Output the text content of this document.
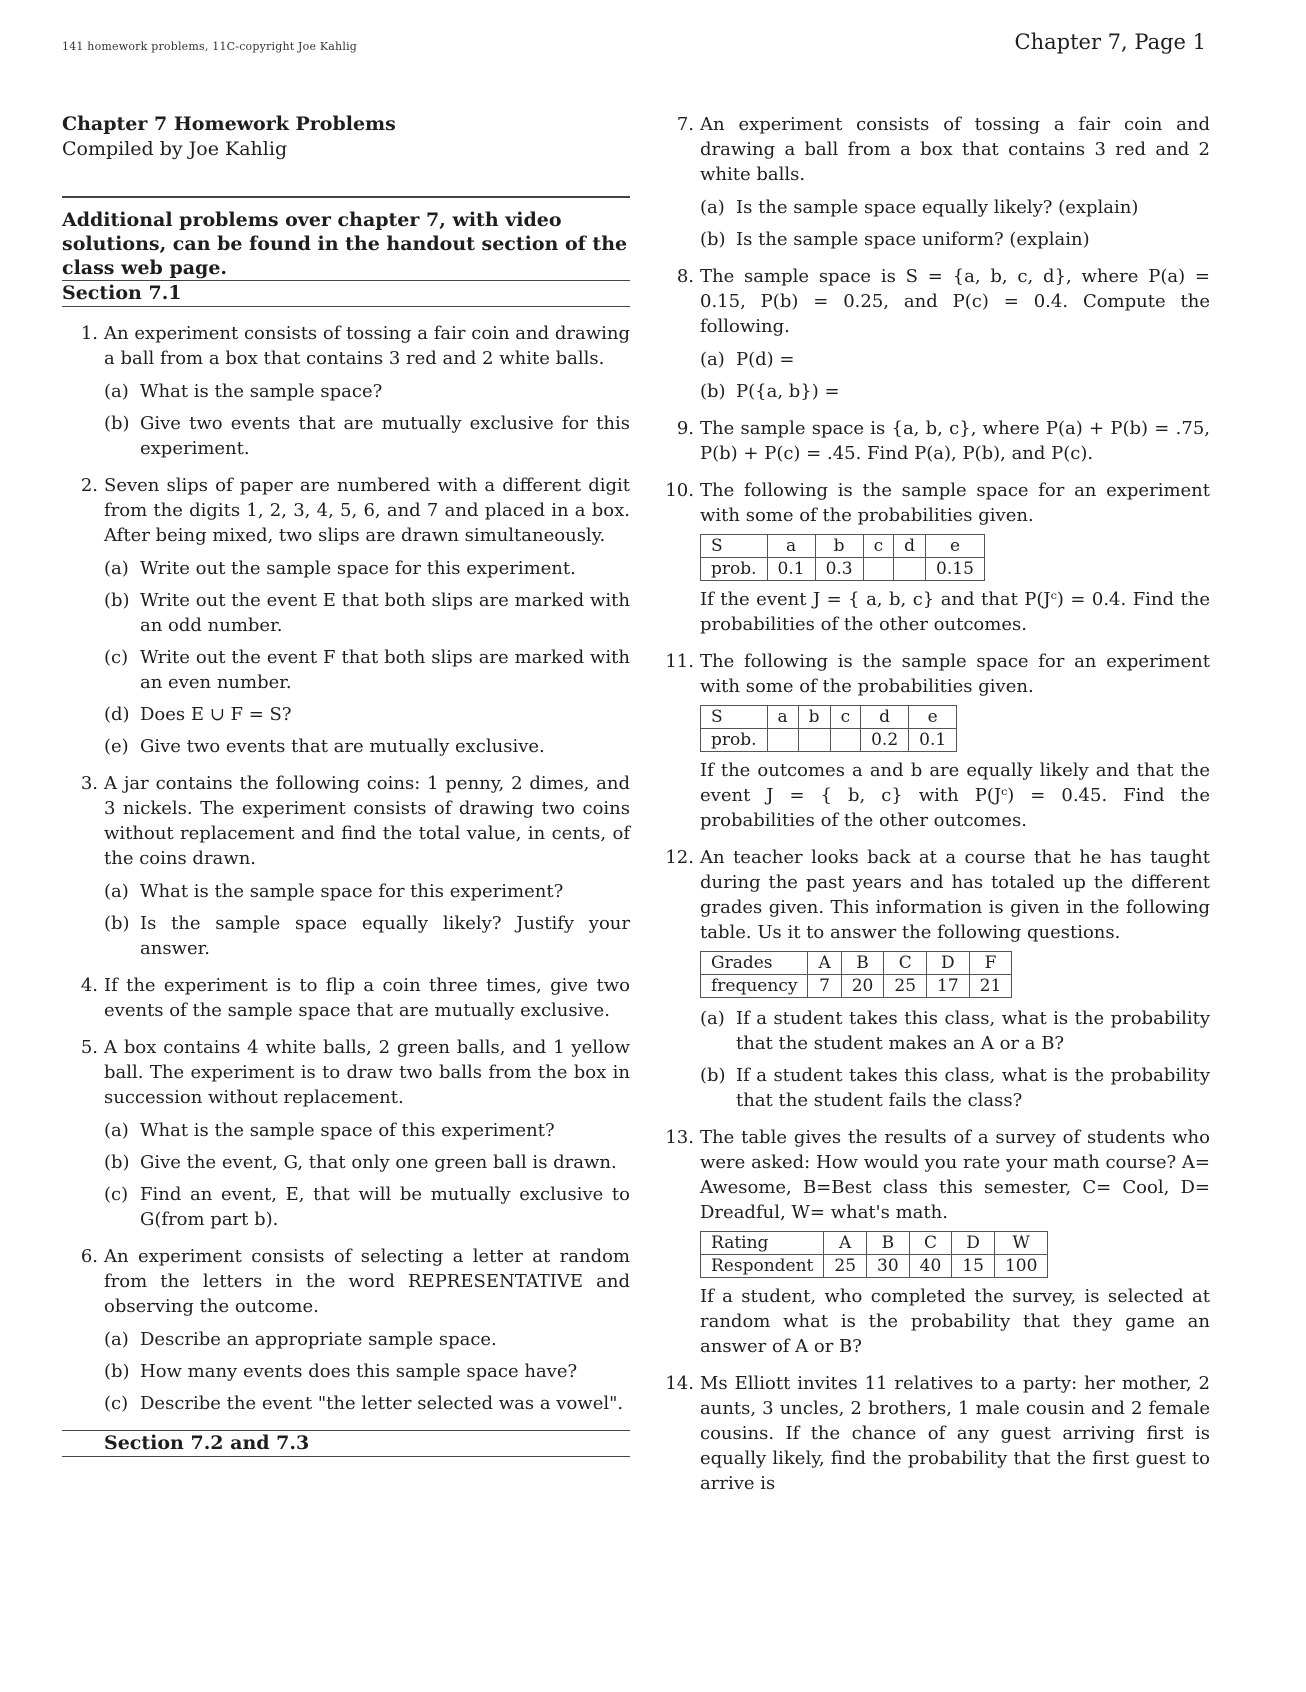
141 homework problems, 11C-copyright Joe Kahlig	Chapter 7, Page 1
Chapter 7 Homework Problems
Compiled by Joe Kahlig
Additional problems over chapter 7, with video solutions, can be found in the handout section of the class web page.
Section 7.1
1. An experiment consists of tossing a fair coin and drawing a ball from a box that contains 3 red and 2 white balls.
(a) What is the sample space?
(b) Give two events that are mutually exclusive for this experiment.
2. Seven slips of paper are numbered with a different digit from the digits 1, 2, 3, 4, 5, 6, and 7 and placed in a box. After being mixed, two slips are drawn simultaneously.
(a) Write out the sample space for this experiment.
(b) Write out the event E that both slips are marked with an odd number.
(c) Write out the event F that both slips are marked with an even number.
(d) Does E ∪ F = S?
(e) Give two events that are mutually exclusive.
3. A jar contains the following coins: 1 penny, 2 dimes, and 3 nickels. The experiment consists of drawing two coins without replacement and find the total value, in cents, of the coins drawn.
(a) What is the sample space for this experiment?
(b) Is the sample space equally likely? Justify your answer.
4. If the experiment is to flip a coin three times, give two events of the sample space that are mutually exclusive.
5. A box contains 4 white balls, 2 green balls, and 1 yellow ball. The experiment is to draw two balls from the box in succession without replacement.
(a) What is the sample space of this experiment?
(b) Give the event, G, that only one green ball is drawn.
(c) Find an event, E, that will be mutually exclusive to G(from part b).
6. An experiment consists of selecting a letter at random from the letters in the word REPRESENTATIVE and observing the outcome.
(a) Describe an appropriate sample space.
(b) How many events does this sample space have?
(c) Describe the event "the letter selected was a vowel".
Section 7.2 and 7.3
7. An experiment consists of tossing a fair coin and drawing a ball from a box that contains 3 red and 2 white balls.
(a) Is the sample space equally likely? (explain)
(b) Is the sample space uniform? (explain)
8. The sample space is S = {a, b, c, d}, where P(a) = 0.15, P(b) = 0.25, and P(c) = 0.4. Compute the following.
(a) P(d) =
(b) P({a, b}) =
9. The sample space is {a, b, c}, where P(a) + P(b) = .75, P(b) + P(c) = .45. Find P(a), P(b), and P(c).
10. The following is the sample space for an experiment with some of the probabilities given.
S	a	b	c	d	e
prob.	0.1	0.3			0.15
If the event J = { a, b, c} and that P(Jᶜ) = 0.4. Find the probabilities of the other outcomes.
11. The following is the sample space for an experiment with some of the probabilities given.
S	a	b	c	d	e
prob.				0.2	0.1
If the outcomes a and b are equally likely and that the event J = { b, c} with P(Jᶜ) = 0.45. Find the probabilities of the other outcomes.
12. An teacher looks back at a course that he has taught during the past years and has totaled up the different grades given. This information is given in the following table. Us it to answer the following questions.
Grades	A	B	C	D	F
frequency	7	20	25	17	21
(a) If a student takes this class, what is the probability that the student makes an A or a B?
(b) If a student takes this class, what is the probability that the student fails the class?
13. The table gives the results of a survey of students who were asked: How would you rate your math course? A= Awesome, B=Best class this semester, C= Cool, D= Dreadful, W= what's math.
Rating	A	B	C	D	W
Respondent	25	30	40	15	100
If a student, who completed the survey, is selected at random what is the probability that they game an answer of A or B?
14. Ms Elliott invites 11 relatives to a party: her mother, 2 aunts, 3 uncles, 2 brothers, 1 male cousin and 2 female cousins. If the chance of any guest arriving first is equally likely, find the probability that the first guest to arrive is
